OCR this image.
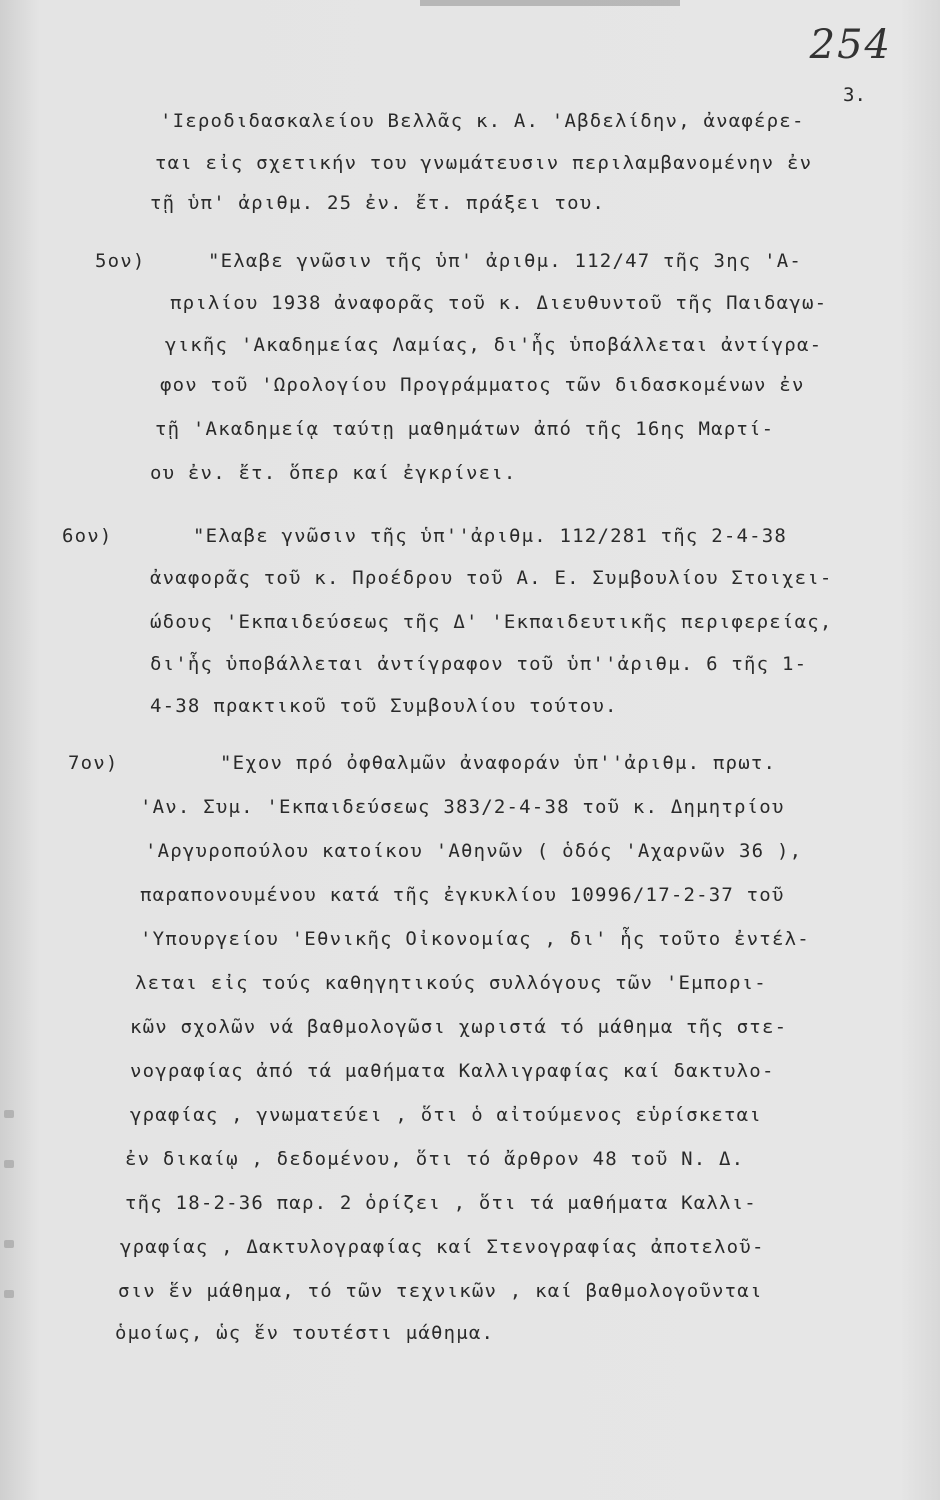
254
3.
'Ιεροδιδασκαλείου Βελλᾶς κ. Α. 'Αβδελίδην, ἀναφέρε-
ται εἰς σχετικήν του γνωμάτευσιν περιλαμβανομένην ἐν
τῇ ὑπ' ἀριθμ. 25 ἐν. ἔτ. πράξει του.
5ον)	"Ελαβε γνῶσιν τῆς ὑπ' ἀριθμ. 112/47 τῆς 3ης 'Α-
πριλίου 1938 ἀναφορᾶς τοῦ κ. Διευθυντοῦ τῆς Παιδαγω-
γικῆς 'Ακαδημείας Λαμίας, δι'ἧς ὑποβάλλεται ἀντίγρα-
φον τοῦ 'Ωρολογίου Προγράμματος τῶν διδασκομένων ἐν
τῇ 'Ακαδημείᾳ ταύτῃ μαθημάτων ἀπό τῆς 16ης Μαρτί-
ου ἐν. ἔτ. ὅπερ καί ἐγκρίνει.
6ον)	"Ελαβε γνῶσιν τῆς ὑπ''ἀριθμ. 112/281 τῆς 2-4-38
ἀναφορᾶς τοῦ κ. Προέδρου τοῦ Α. Ε. Συμβουλίου Στοιχει-
ώδους 'Εκπαιδεύσεως τῆς Δ' 'Εκπαιδευτικῆς περιφερείας,
δι'ἧς ὑποβάλλεται ἀντίγραφον τοῦ ὑπ''ἀριθμ. 6 τῆς 1-
4-38 πρακτικοῦ τοῦ Συμβουλίου τούτου.
7ον)	"Εχον πρό ὀφθαλμῶν ἀναφοράν ὑπ''ἀριθμ. πρωτ.
'Αν. Συμ. 'Εκπαιδεύσεως 383/2-4-38 τοῦ κ. Δημητρίου
'Αργυροπούλου κατοίκου 'Αθηνῶν ( ὁδός 'Αχαρνῶν 36 ),
παραπονουμένου κατά τῆς ἐγκυκλίου 10996/17-2-37 τοῦ
'Υπουργείου 'Εθνικῆς Οἰκονομίας , δι' ἧς τοῦτο ἐντέλ-
λεται εἰς τούς καθηγητικούς συλλόγους τῶν 'Εμπορι-
κῶν σχολῶν νά βαθμολογῶσι χωριστά τό μάθημα τῆς στε-
νογραφίας ἀπό τά μαθήματα Καλλιγραφίας καί δακτυλο-
γραφίας , γνωματεύει , ὅτι ὁ αἰτούμενος εὑρίσκεται
ἐν δικαίῳ , δεδομένου, ὅτι τό ἄρθρον 48 τοῦ Ν. Δ.
τῆς 18-2-36 παρ. 2 ὁρίζει , ὅτι τά μαθήματα Καλλι-
γραφίας , Δακτυλογραφίας καί Στενογραφίας ἀποτελοῦ-
σιν ἕν μάθημα, τό τῶν τεχνικῶν , καί βαθμολογοῦνται
ὁμοίως, ὡς ἕν τουτέστι μάθημα.
